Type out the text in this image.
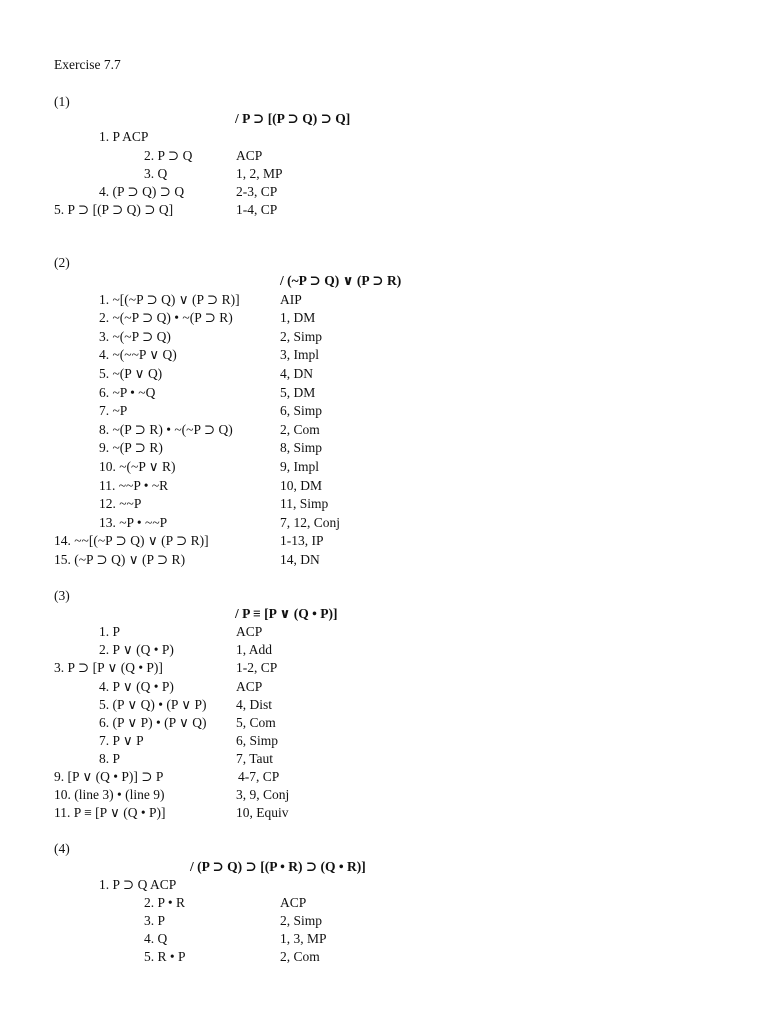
Exercise 7.7
(1)
/ P ⊃ [(P ⊃ Q) ⊃ Q]
1. P ACP
2. P ⊃ Q	ACP
3. Q	1, 2, MP
4. (P ⊃ Q) ⊃ Q	2-3, CP
5. P ⊃ [(P ⊃ Q) ⊃ Q]	1-4, CP
(2)
/ (~P ⊃ Q) ∨ (P ⊃ R)
1. ~[(~P ⊃ Q) ∨ (P ⊃ R)]	AIP
2. ~(~P ⊃ Q) • ~(P ⊃ R)	1, DM
3. ~(~P ⊃ Q)	2, Simp
4. ~(~~P ∨ Q)	3, Impl
5. ~(P ∨ Q)	4, DN
6. ~P • ~Q	5, DM
7. ~P	6, Simp
8. ~(P ⊃ R) • ~(~P ⊃ Q)	2, Com
9. ~(P ⊃ R)	8, Simp
10. ~(~P ∨ R)	9, Impl
11. ~~P • ~R	10, DM
12. ~~P	11, Simp
13. ~P • ~~P	7, 12, Conj
14. ~~[(~P ⊃ Q) ∨ (P ⊃ R)]	1-13, IP
15. (~P ⊃ Q) ∨ (P ⊃ R)	14, DN
(3)
/ P ≡ [P ∨ (Q • P)]
1. P	ACP
2. P ∨ (Q • P)	1, Add
3. P ⊃ [P ∨ (Q • P)]	1-2, CP
4. P ∨ (Q • P)	ACP
5. (P ∨ Q) • (P ∨ P) 4, Dist
6. (P ∨ P) • (P ∨ Q) 5, Com
7. P ∨ P	6, Simp
8. P	7, Taut
9. [P ∨ (Q • P)] ⊃ P	4-7, CP
10. (line 3) • (line 9)	3, 9, Conj
11. P ≡ [P ∨ (Q • P)]	10, Equiv
(4)
/ (P ⊃ Q) ⊃ [(P • R) ⊃ (Q • R)]
1. P ⊃ Q ACP
2. P • R	ACP
3. P	2, Simp
4. Q	1, 3, MP
5. R • P	2, Com
